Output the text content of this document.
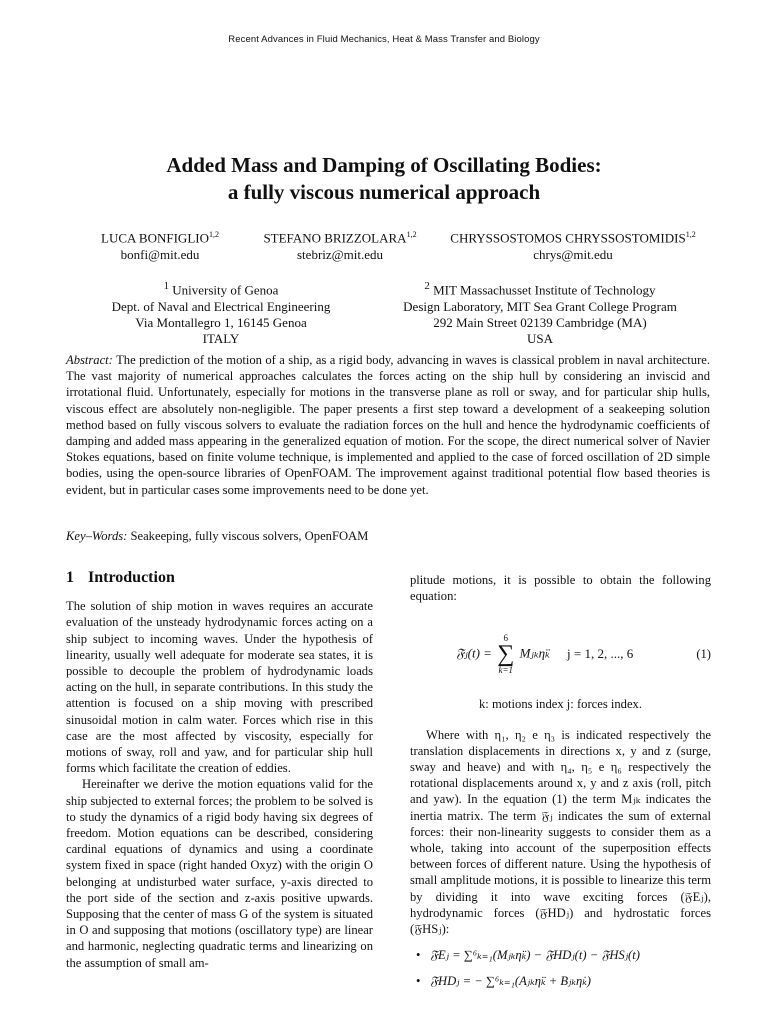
Recent Advances in Fluid Mechanics, Heat & Mass Transfer and Biology
Added Mass and Damping of Oscillating Bodies:
a fully viscous numerical approach
LUCA BONFIGLIO$^{1,2}$
bonfi@mit.edu
STEFANO BRIZZOLARA$^{1,2}$
stebriz@mit.edu
CHRYSSOSTOMOS CHRYSSOSTOMIDIS$^{1,2}$
chrys@mit.edu
$^1$ University of Genoa
Dept. of Naval and Electrical Engineering
Via Montallegro 1, 16145 Genoa
ITALY
$^2$ MIT Massachusset Institute of Technology
Design Laboratory, MIT Sea Grant College Program
292 Main Street 02139 Cambridge (MA)
USA
Abstract: The prediction of the motion of a ship, as a rigid body, advancing in waves is classical problem in naval architecture. The vast majority of numerical approaches calculates the forces acting on the ship hull by considering an inviscid and irrotational fluid. Unfortunately, especially for motions in the transverse plane as roll or sway, and for particular ship hulls, viscous effect are absolutely non-negligible. The paper presents a first step toward a development of a seakeeping solution method based on fully viscous solvers to evaluate the radiation forces on the hull and hence the hydrodynamic coefficients of damping and added mass appearing in the generalized equation of motion. For the scope, the direct numerical solver of Navier Stokes equations, based on finite volume technique, is implemented and applied to the case of forced oscillation of 2D simple bodies, using the open-source libraries of OpenFOAM. The improvement against traditional potential flow based theories is evident, but in particular cases some improvements need to be done yet.
Key–Words: Seakeeping, fully viscous solvers, OpenFOAM
1 Introduction

The solution of ship motion in waves requires an accurate evaluation of the unsteady hydrodynamic forces acting on a ship subject to incoming waves. Under the hypothesis of linearity, usually well adequate for moderate sea states, it is possible to decouple the problem of hydrodynamic loads acting on the hull, in separate contributions. In this study the attention is focused on a ship moving with prescribed sinusoidal motion in calm water. Forces which rise in this case are the most affected by viscosity, especially for motions of sway, roll and yaw, and for particular ship hull forms which facilitate the creation of eddies.

Hereinafter we derive the motion equations valid for the ship subjected to external forces; the problem to be solved is to study the dynamics of a rigid body having six degrees of freedom. Motion equations can be described, considering cardinal equations of dynamics and using a coordinate system fixed in space (right handed Oxyz) with the origin O belonging at undisturbed water surface, y-axis directed to the port side of the section and z-axis positive upwards. Supposing that the center of mass G of the system is situated in O and supposing that motions (oscillatory type) are linear and harmonic, neglecting quadratic terms and linearizing on the assumption of small am-

plitude motions, it is possible to obtain the following equation:

𝔉ⱼ(t) =
6
∑
k=1
Mⱼₖη̈ₖ j = 1, 2, ..., 6	(1)
k: motions index j: forces index.

Where with η₁, η₂ e η₃ is indicated respectively the translation displacements in directions x, y and z (surge, sway and heave) and with η₄, η₅ e η₆ respectively the rotational displacements around x, y and z axis (roll, pitch and yaw). In the equation (1) the term Mⱼₖ indicates the inertia matrix. The term 𝔉ⱼ indicates the sum of external forces: their non-linearity suggests to consider them as a whole, taking into account of the superposition effects between forces of different nature. Using the hypothesis of small amplitude motions, it is possible to linearize this term by dividing it into wave exciting forces (𝔉Eⱼ), hydrodynamic forces (𝔉HDⱼ) and hydrostatic forces (𝔉HSⱼ):

• 𝔉Eⱼ = ∑⁶ₖ₌₁(Mⱼₖη̈ₖ) − 𝔉HDⱼ(t) − 𝔉HSⱼ(t)
• 𝔉HDⱼ = − ∑⁶ₖ₌₁(Aⱼₖη̈ₖ + Bⱼₖη̇ₖ)
